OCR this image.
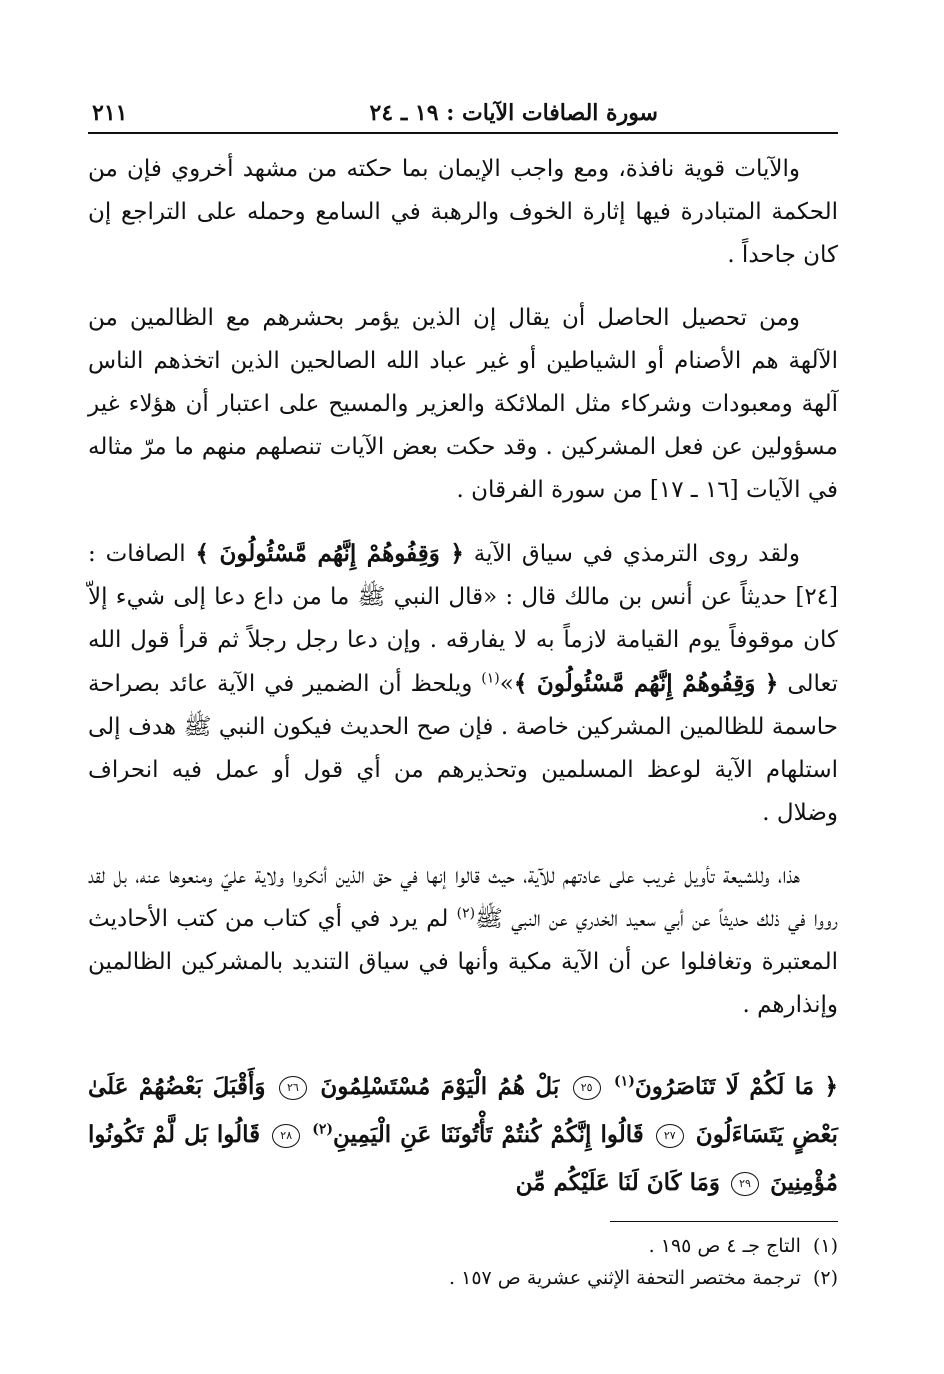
سورة الصافات الآيات : ١٩ ـ ٢٤
٢١١

والآيات قوية نافذة، ومع واجب الإيمان بما حكته من مشهد أخروي فإن من الحكمة المتبادرة فيها إثارة الخوف والرهبة في السامع وحمله على التراجع إن كان جاحداً .

ومن تحصيل الحاصل أن يقال إن الذين يؤمر بحشرهم مع الظالمين من الآلهة هم الأصنام أو الشياطين أو غير عباد الله الصالحين الذين اتخذهم الناس آلهة ومعبودات وشركاء مثل الملائكة والعزير والمسيح على اعتبار أن هؤلاء غير مسؤولين عن فعل المشركين . وقد حكت بعض الآيات تنصلهم منهم ما مرّ مثاله في الآيات [١٦ ـ ١٧] من سورة الفرقان .

ولقد روى الترمذي في سياق الآية ﴿ وَقِفُوهُمْ إِنَّهُم مَّسْئُولُونَ ﴾ الصافات : [٢٤] حديثاً عن أنس بن مالك قال : «قال النبي ﷺ ما من داع دعا إلى شيء إلاّ كان موقوفاً يوم القيامة لازماً به لا يفارقه . وإن دعا رجل رجلاً ثم قرأ قول الله تعالى ﴿ وَقِفُوهُمْ إِنَّهُم مَّسْئُولُونَ ﴾»$^{(١)}$ ويلحظ أن الضمير في الآية عائد بصراحة حاسمة للظالمين المشركين خاصة . فإن صح الحديث فيكون النبي ﷺ هدف إلى استلهام الآية لوعظ المسلمين وتحذيرهم من أي قول أو عمل فيه انحراف وضلال .

هذا، وللشيعة تأويل غريب على عادتهم للآية، حيث قالوا إنها في حق الذين أنكروا ولاية عليّ ومنعوها عنه، بل لقد رووا في ذلك حديثاً عن أبي سعيد الخدري عن النبي ﷺ$^{(٢)}$ لم يرد في أي كتاب من كتب الأحاديث المعتبرة وتغافلوا عن أن الآية مكية وأنها في سياق التنديد بالمشركين الظالمين وإنذارهم .

﴿ مَا لَكُمْ لَا تَنَاصَرُونَ$^{(١)}$ ٢٥ بَلْ هُمُ الْيَوْمَ مُسْتَسْلِمُونَ ٢٦ وَأَقْبَلَ بَعْضُهُمْ عَلَىٰ بَعْضٍ يَتَسَاءَلُونَ ٢٧ قَالُوا إِنَّكُمْ كُنتُمْ تَأْتُونَنَا عَنِ الْيَمِينِ$^{(٢)}$ ٢٨ قَالُوا بَل لَّمْ تَكُونُوا مُؤْمِنِينَ ٢٩ وَمَا كَانَ لَنَا عَلَيْكُم مِّن
(١) التاج جـ ٤ ص ١٩٥ .
(٢) ترجمة مختصر التحفة الإثني عشرية ص ١٥٧ .
